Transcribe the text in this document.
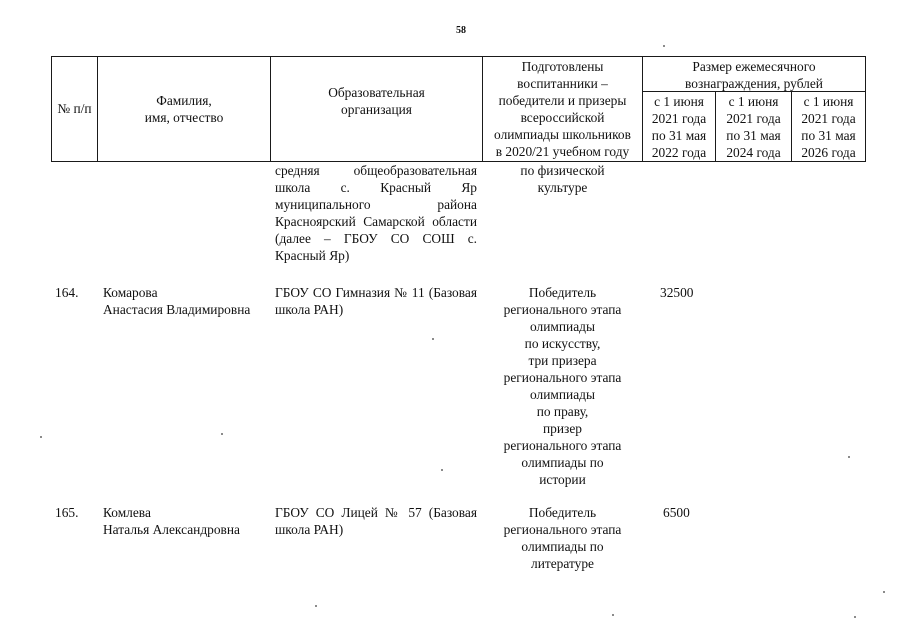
58
№ п/п
Фамилия,
имя, отчество
Образовательная
организация
Подготовлены
воспитанники –
победители и призеры
всероссийской
олимпиады школьников
в 2020/21 учебном году
Размер ежемесячного
вознаграждения, рублей
с 1 июня
2021 года
по 31 мая
2022 года
с 1 июня
2021 года
по 31 мая
2024 года
с 1 июня
2021 года
по 31 мая
2026 года
средняя общеобразовательная школа с. Красный Яр муниципального района Красноярский Самарской области (далее – ГБОУ СО СОШ с. Красный Яр)
по физической
культуре
164. Комарова
Анастасия Владимировна
ГБОУ СО Гимназия № 11 (Базовая школа РАН)
Победитель
регионального этапа
олимпиады
по искусству,
три призера
регионального этапа
олимпиады
по праву,
призер
регионального этапа
олимпиады по
истории
32500
165. Комлева
Наталья Александровна
ГБОУ СО Лицей № 57 (Базовая школа РАН)
Победитель
регионального этапа
олимпиады по
литературе
6500
